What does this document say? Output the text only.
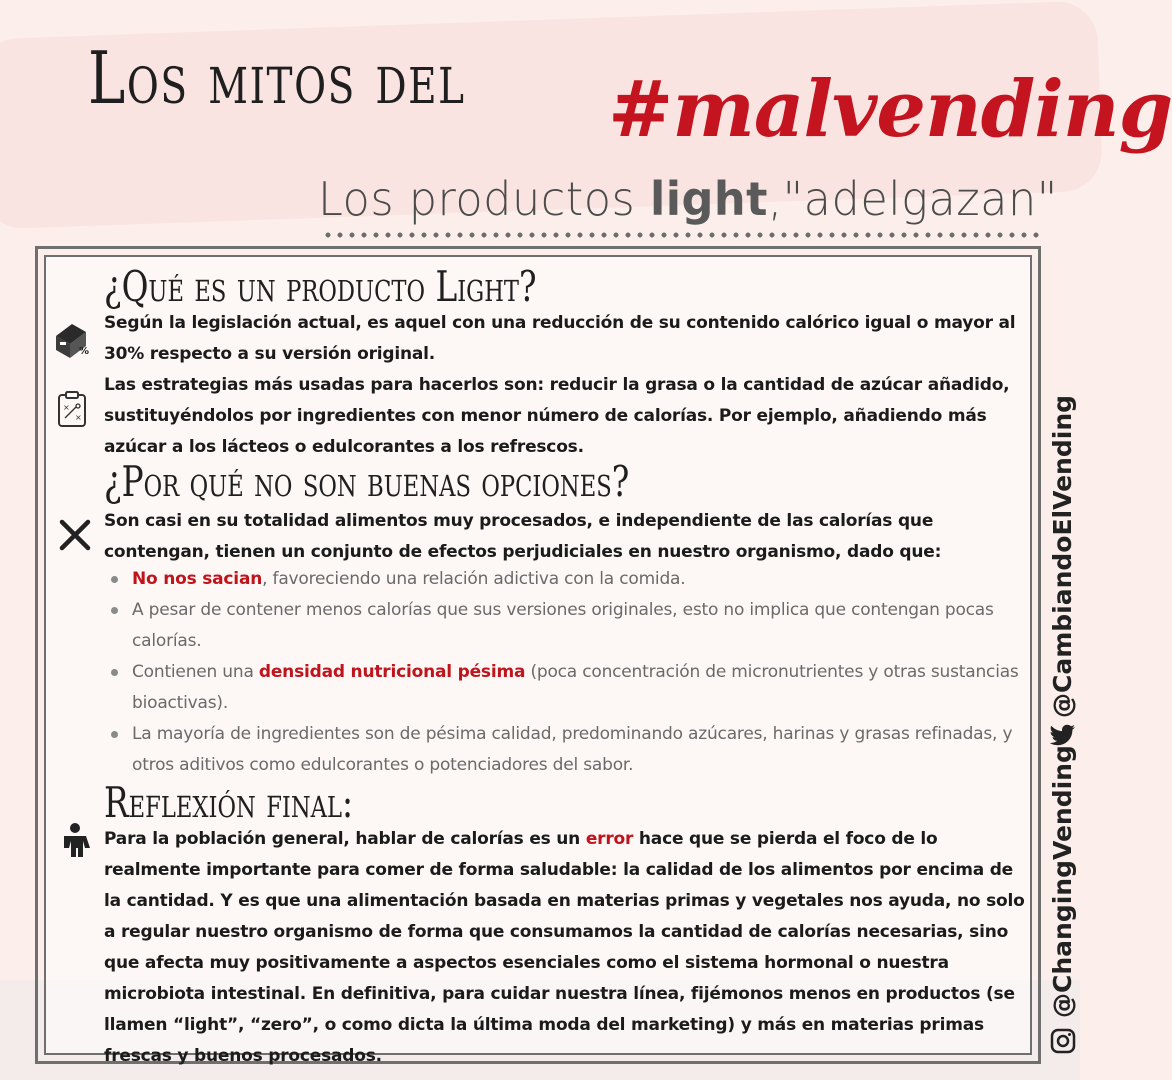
Los mitos del #malvending
Los productos light,"adelgazan"
¿Qué es un producto Light?
%
Según la legislación actual, es aquel con una reducción de su contenido calórico igual o mayor al 30% respecto a su versión original.
×
×
Las estrategias más usadas para hacerlos son: reducir la grasa o la cantidad de azúcar añadido, sustituyéndolos por ingredientes con menor número de calorías. Por ejemplo, añadiendo más azúcar a los lácteos o edulcorantes a los refrescos.
¿Por qué no son buenas opciones?
Son casi en su totalidad alimentos muy procesados, e independiente de las calorías que contengan, tienen un conjunto de efectos perjudiciales en nuestro organismo, dado que:
No nos sacian, favoreciendo una relación adictiva con la comida.
A pesar de contener menos calorías que sus versiones originales, esto no implica que contengan pocas calorías.
Contienen una densidad nutricional pésima (poca concentración de micronutrientes y otras sustancias bioactivas).
La mayoría de ingredientes son de pésima calidad, predominando azúcares, harinas y grasas refinadas, y otros aditivos como edulcorantes o potenciadores del sabor.
Reflexión final:
Para la población general, hablar de calorías es un error hace que se pierda el foco de lo realmente importante para comer de forma saludable: la calidad de los alimentos por encima de la cantidad. Y es que una alimentación basada en materias primas y vegetales nos ayuda, no solo a regular nuestro organismo de forma que consumamos la cantidad de calorías necesarias, sino que afecta muy positivamente a aspectos esenciales como el sistema hormonal o nuestra microbiota intestinal. En definitiva, para cuidar nuestra línea, fijémonos menos en productos (se llamen “light”, “zero”, o como dicta la última moda del marketing) y más en materias primas frescas y buenos procesados.
@CambiandoElVending
@ChangingVending
